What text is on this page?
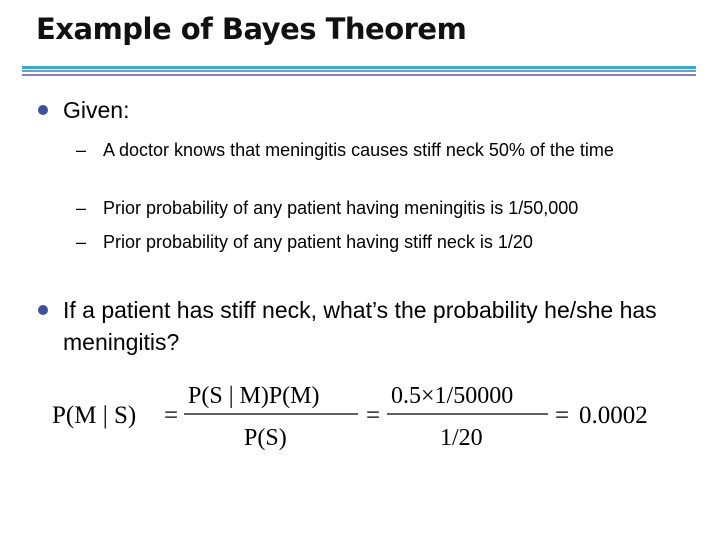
Example of Bayes Theorem
Given:
– A doctor knows that meningitis causes stiff neck 50% of the time
– Prior probability of any patient having meningitis is 1/50,000
– Prior probability of any patient having stiff neck is 1/20
If a patient has stiff neck, what’s the probability he/she has meningitis?
P(M | S) =
P(S | M)P(M)
P(S)
=
0.5×1/50000
1/20
= 0.0002
